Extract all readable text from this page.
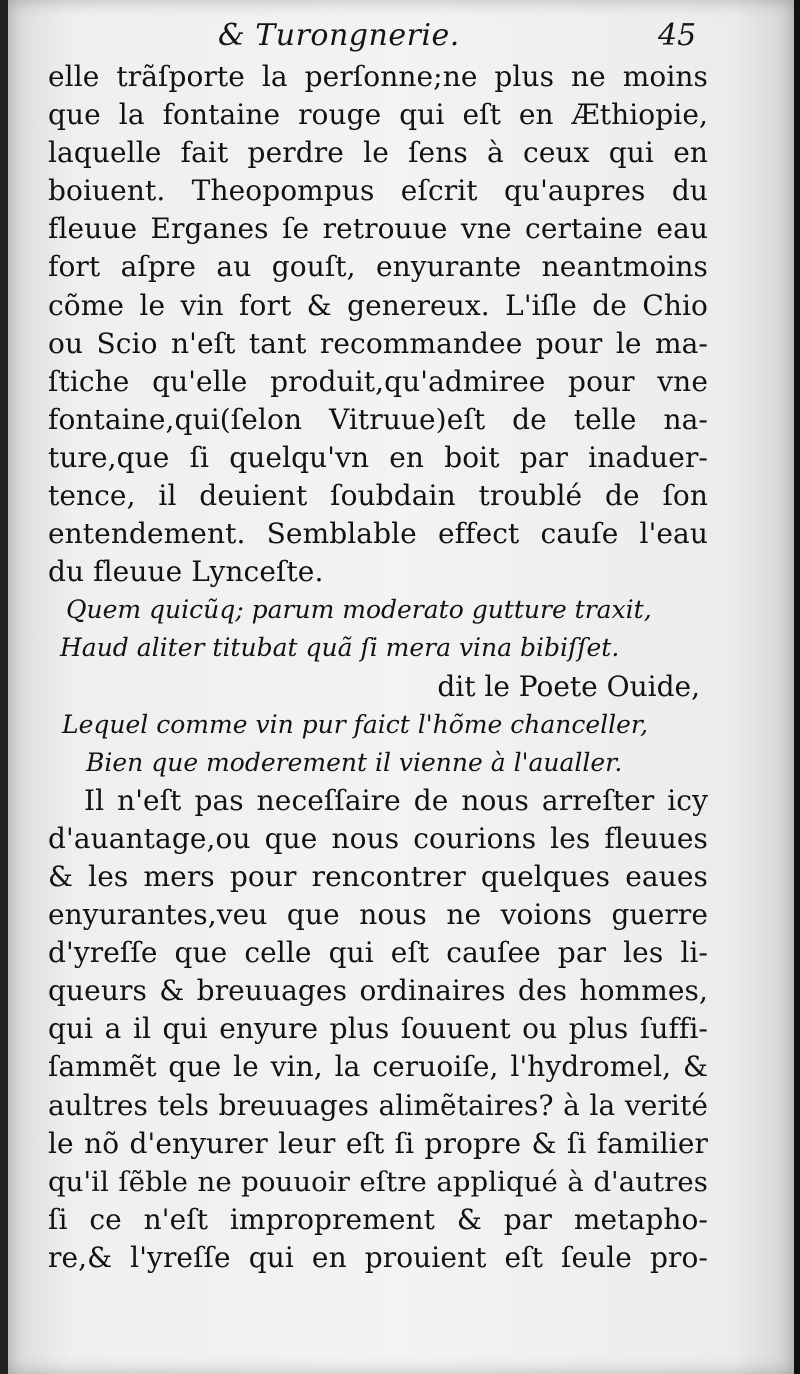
& Turongnerie.	45
elle trãſporte la perſonne;ne plus ne moins
que la fontaine rouge qui eſt en Æthiopie,
laquelle fait perdre le ſens à ceux qui en
boiuent. Theopompus eſcrit qu'aupres du
fleuue Erganes ſe retrouue vne certaine eau
fort aſpre au gouſt, enyurante neantmoins
cõme le vin fort & genereux. L'iſle de Chio
ou Scio n'eſt tant recommandee pour le ma-
ſtiche qu'elle produit,qu'admiree pour vne
fontaine,qui(ſelon Vitruue)eſt de telle na-
ture,que ſi quelqu'vn en boit par inaduer-
tence, il deuient ſoubdain troublé de ſon
entendement. Semblable effect cauſe l'eau
du fleuue Lynceſte.
Quem quicũq; parum moderato gutture traxit,
Haud aliter titubat quã ſi mera vina bibiſſet.
dit le Poete Ouide,
Lequel comme vin pur faict l'hõme chanceller,
Bien que moderement il vienne à l'aualler.
Il n'eſt pas neceſſaire de nous arreſter icy
d'auantage,ou que nous courions les fleuues
& les mers pour rencontrer quelques eaues
enyurantes,veu que nous ne voions guerre
d'yreſſe que celle qui eſt cauſee par les li-
queurs & breuuages ordinaires des hommes,
qui a il qui enyure plus ſouuent ou plus ſuffi-
ſammẽt que le vin, la ceruoiſe, l'hydromel, &
aultres tels breuuages alimẽtaires? à la verité
le nõ d'enyurer leur eſt ſi propre & ſi familier
qu'il ſẽble ne pouuoir eſtre appliqué à d'autres
ſi ce n'eſt improprement & par metapho-
re,& l'yreſſe qui en prouient eſt ſeule pro-
